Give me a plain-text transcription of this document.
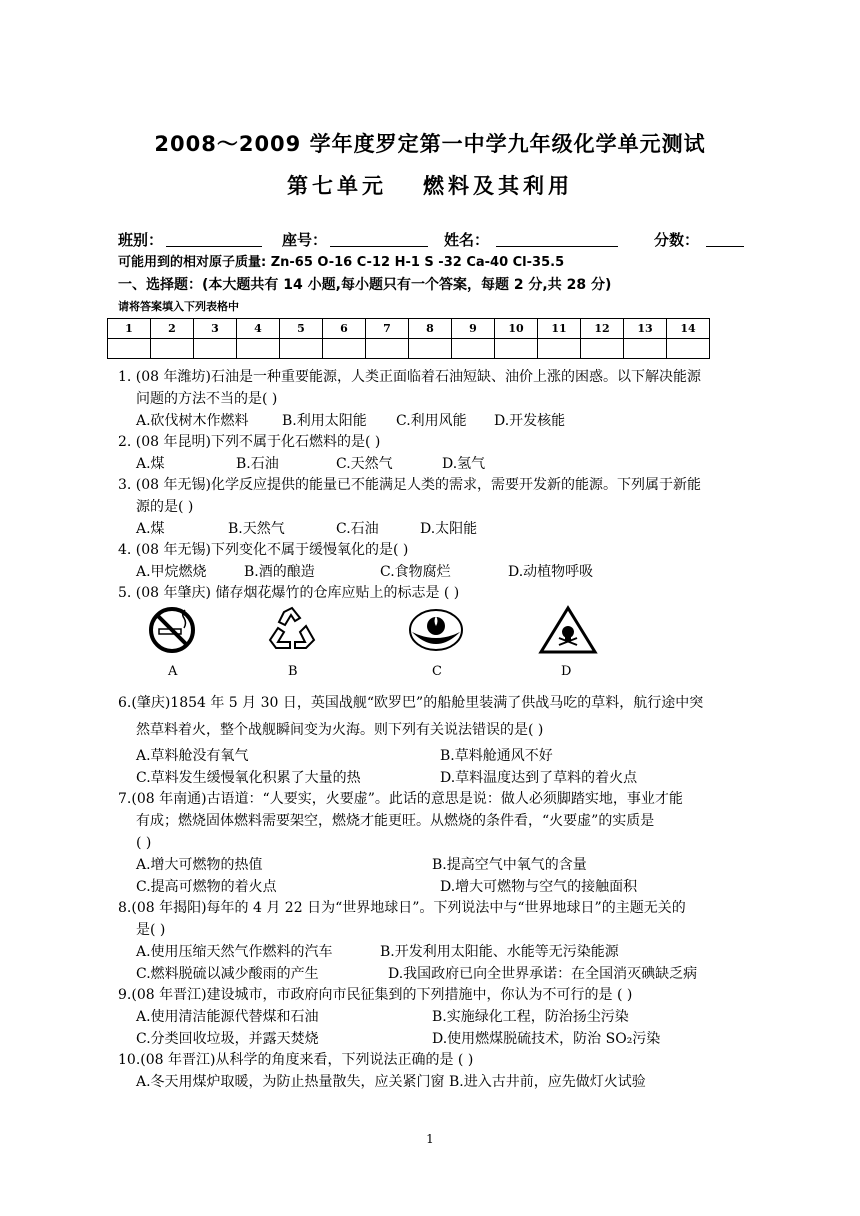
2008～2009 学年度罗定第一中学九年级化学单元测试
第七单元 燃料及其利用
班别：	座号：	姓名：	分数：
可能用到的相对原子质量: Zn-65 O-16 C-12 H-1 S -32 Ca-40 Cl-35.5
一、选择题：(本大题共有 14 小题,每小题只有一个答案，每题 2 分,共 28 分)
请将答案填入下列表格中
1	2	3	4	5	6	7	8	9	10	11	12	13	14

1. (08 年潍坊)石油是一种重要能源，人类正面临着石油短缺、油价上涨的困惑。以下解决能源
问题的方法不当的是( )
A.砍伐树木作燃料 B.利用太阳能 C.利用风能 D.开发核能
2. (08 年昆明)下列不属于化石燃料的是( )
A.煤	B.石油	C.天然气	D.氢气
3. (08 年无锡)化学反应提供的能量已不能满足人类的需求，需要开发新的能源。下列属于新能
源的是( )
A.煤	B.天然气	C.石油	D.太阳能
4. (08 年无锡)下列变化不属于缓慢氧化的是( )
A.甲烷燃烧	B.酒的酿造	C.食物腐烂	D.动植物呼吸
5. (08 年肇庆) 储存烟花爆竹的仓库应贴上的标志是 ( )
A	B	C	D
6.(肇庆)1854 年 5 月 30 日，英国战舰“欧罗巴”的船舱里装满了供战马吃的草料，航行途中突
然草料着火，整个战舰瞬间变为火海。则下列有关说法错误的是( )
A.草料舱没有氧气	B.草料舱通风不好
C.草料发生缓慢氧化积累了大量的热	D.草料温度达到了草料的着火点
7.(08 年南通)古语道：“人要实，火要虚”。此话的意思是说：做人必须脚踏实地，事业才能
有成；燃烧固体燃料需要架空，燃烧才能更旺。从燃烧的条件看，“火要虚”的实质是
( )
A.增大可燃物的热值	B.提高空气中氧气的含量
C.提高可燃物的着火点	D.增大可燃物与空气的接触面积
8.(08 年揭阳)每年的 4 月 22 日为“世界地球日”。下列说法中与“世界地球日”的主题无关的
是( )
A.使用压缩天然气作燃料的汽车	B.开发利用太阳能、水能等无污染能源
C.燃料脱硫以减少酸雨的产生	D.我国政府已向全世界承诺：在全国消灭碘缺乏病
9.(08 年晋江)建设城市，市政府向市民征集到的下列措施中，你认为不可行的是 ( )
A.使用清洁能源代替煤和石油	B.实施绿化工程，防治扬尘污染
C.分类回收垃圾，并露天焚烧	D.使用燃煤脱硫技术，防治 SO₂污染
10.(08 年晋江)从科学的角度来看，下列说法正确的是 ( )
A.冬天用煤炉取暖，为防止热量散失，应关紧门窗 B.进入古井前，应先做灯火试验
1
